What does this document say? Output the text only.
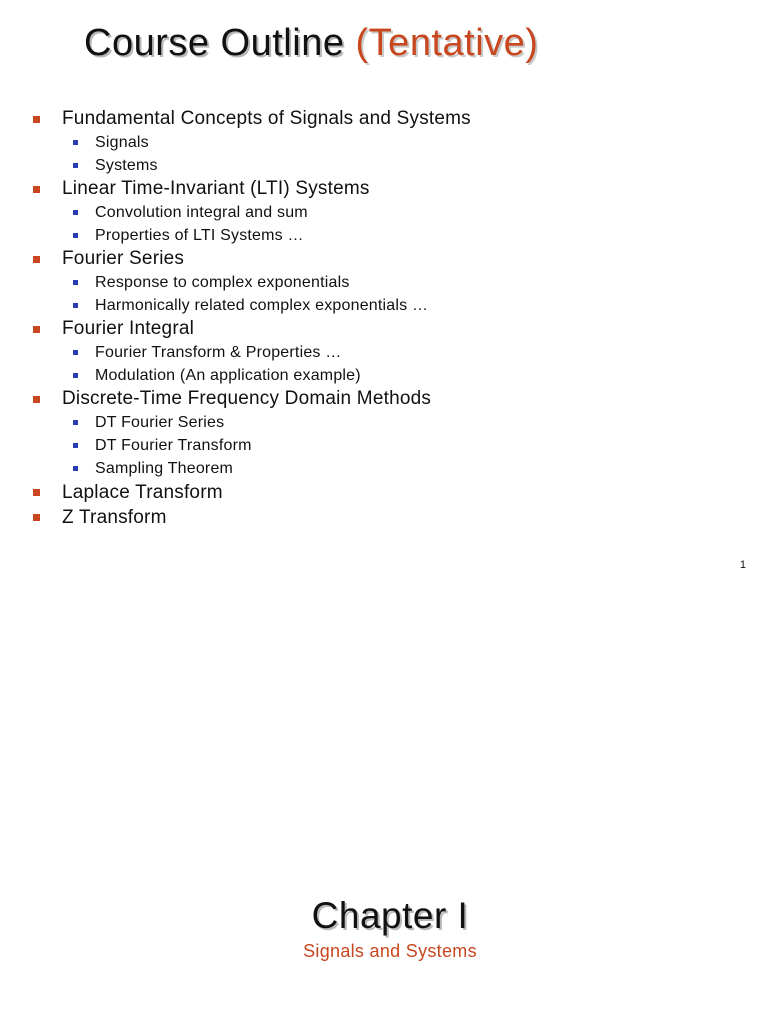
Course Outline (Tentative)
Fundamental Concepts of Signals and Systems
Signals
Systems
Linear Time-Invariant (LTI) Systems
Convolution integral and sum
Properties of LTI Systems …
Fourier Series
Response to complex exponentials
Harmonically related complex exponentials …
Fourier Integral
Fourier Transform & Properties …
Modulation (An application example)
Discrete-Time Frequency Domain Methods
DT Fourier Series
DT Fourier Transform
Sampling Theorem
Laplace Transform
Z Transform
1
Chapter I
Signals and Systems
